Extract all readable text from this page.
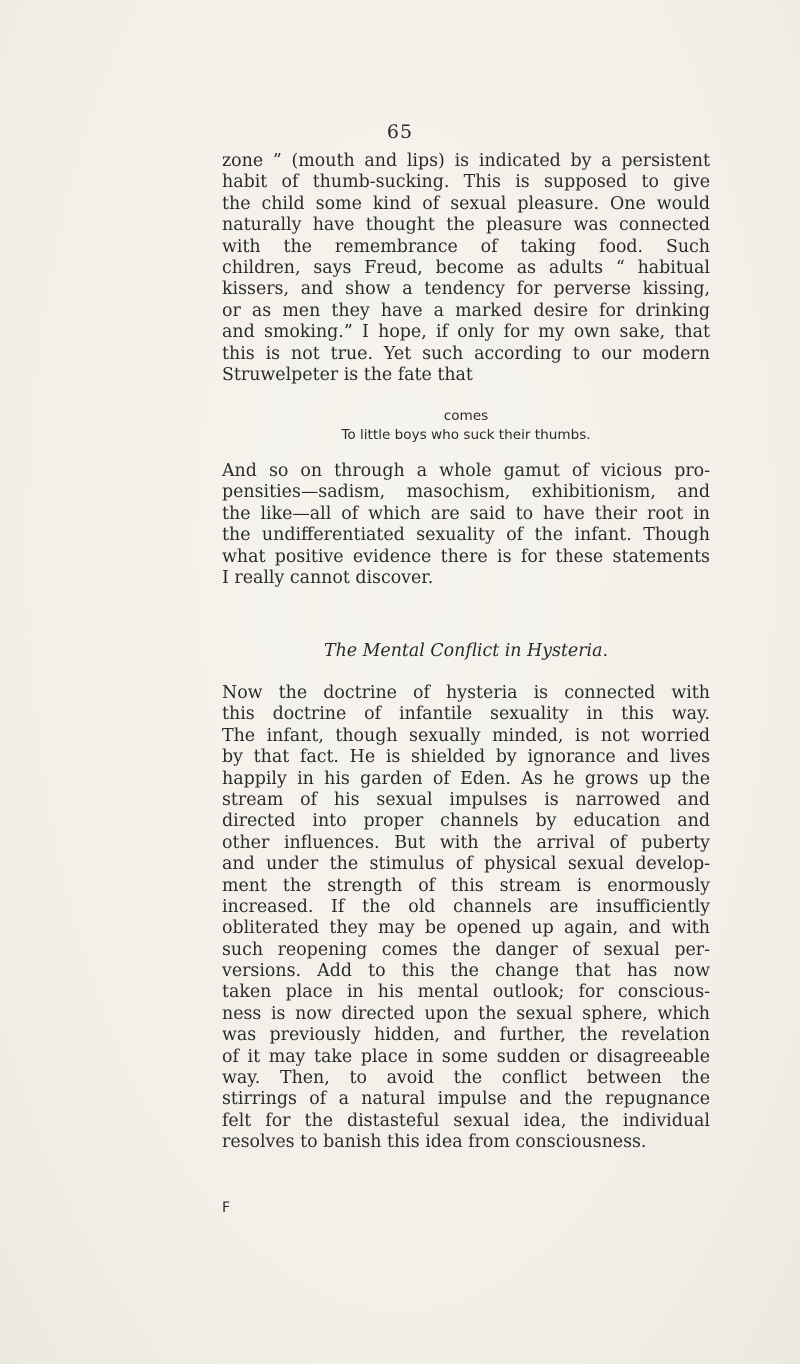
65
zone ” (mouth and lips) is indicated by a persistent
habit of thumb-sucking. This is supposed to give
the child some kind of sexual pleasure. One would
naturally have thought the pleasure was connected
with the remembrance of taking food. Such
children, says Freud, become as adults “ habitual
kissers, and show a tendency for perverse kissing,
or as men they have a marked desire for drinking
and smoking.” I hope, if only for my own sake, that
this is not true. Yet such according to our modern
Struwelpeter is the fate that
comes
To little boys who suck their thumbs.
And so on through a whole gamut of vicious pro-
pensities—sadism, masochism, exhibitionism, and
the like—all of which are said to have their root in
the undifferentiated sexuality of the infant. Though
what positive evidence there is for these statements
I really cannot discover.
The Mental Conflict in Hysteria.
Now the doctrine of hysteria is connected with
this doctrine of infantile sexuality in this way.
The infant, though sexually minded, is not worried
by that fact. He is shielded by ignorance and lives
happily in his garden of Eden. As he grows up the
stream of his sexual impulses is narrowed and
directed into proper channels by education and
other influences. But with the arrival of puberty
and under the stimulus of physical sexual develop-
ment the strength of this stream is enormously
increased. If the old channels are insufficiently
obliterated they may be opened up again, and with
such reopening comes the danger of sexual per-
versions. Add to this the change that has now
taken place in his mental outlook; for conscious-
ness is now directed upon the sexual sphere, which
was previously hidden, and further, the revelation
of it may take place in some sudden or disagreeable
way. Then, to avoid the conflict between the
stirrings of a natural impulse and the repugnance
felt for the distasteful sexual idea, the individual
resolves to banish this idea from consciousness.
F
